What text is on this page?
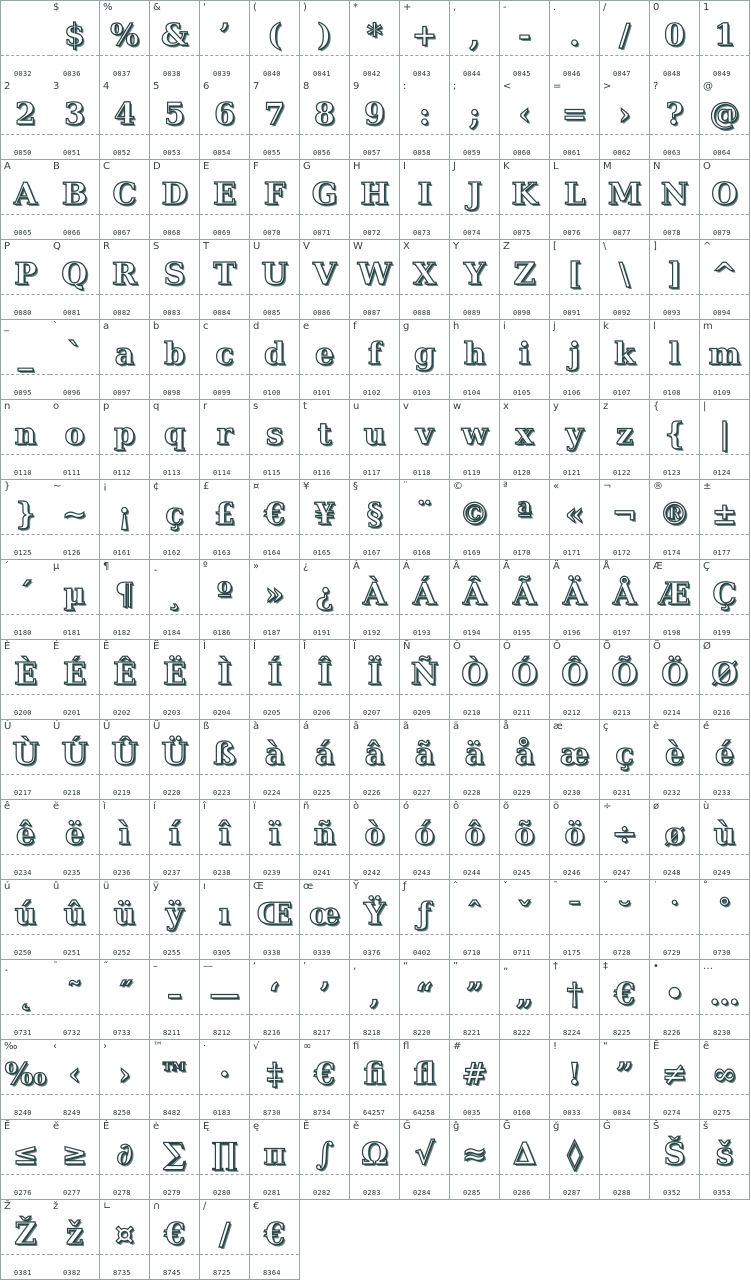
0032
$
$
0036
%
%
0037
&
&
0038
'
’
0039
(
(
0040
)
)
0041
*
*
0042
+
+
0043
,
,
0044
-
-
0045
.
.
0046
/
/
0047
0
0
0048
1
1
0049
2
2
0050
3
3
0051
4
4
0052
5
5
0053
6
6
0054
7
7
0055
8
8
0056
9
9
0057
:
:
0058
;
;
0059
<
‹
0060
=
=
0061
>
›
0062
?
?
0063
@
@
0064
A
A
0065
B
B
0066
C
C
0067
D
D
0068
E
E
0069
F
F
0070
G
G
0071
H
H
0072
I
I
0073
J
J
0074
K
K
0075
L
L
0076
M
M
0077
N
N
0078
O
O
0079
P
P
0080
Q
Q
0081
R
R
0082
S
S
0083
T
T
0084
U
U
0085
V
V
0086
W
W
0087
X
X
0088
Y
Y
0089
Z
Z
0090
[
[
0091
\
\
0092
]
]
0093
^
^
0094
_
_
0095
`
`
0096
a
a
0097
b
b
0098
c
c
0099
d
d
0100
e
e
0101
f
f
0102
g
g
0103
h
h
0104
i
i
0105
j
j
0106
k
k
0107
l
l
0108
m
m
0109
n
n
0110
o
o
0111
p
p
0112
q
q
0113
r
r
0114
s
s
0115
t
t
0116
u
u
0117
v
v
0118
w
w
0119
x
x
0120
y
y
0121
z
z
0122
{
{
0123
|
|
0124
}
}
0125
~
~
0126
¡
¡
0161
¢
ç
0162
£
£
0163
¤
€
0164
¥
¥
0165
§
§
0167
¨
¨
0168
©
©
0169
ª
ª
0170
«
«
0171
¬
¬
0172
®
®
0174
±
±
0177
´
´
0180
µ
µ
0181
¶
¶
0182
¸
¸
0184
º
º
0186
»
»
0187
¿
¿
0191
À
À
0192
Á
Á
0193
Â
Â
0194
Ã
Ã
0195
Ä
Ä
0196
Å
Å
0197
Æ
Æ
0198
Ç
Ç
0199
È
È
0200
É
É
0201
Ê
Ê
0202
Ë
Ë
0203
Ì
Ì
0204
Í
Í
0205
Î
Î
0206
Ï
Ï
0207
Ñ
Ñ
0209
Ò
Ò
0210
Ó
Ó
0211
Ô
Ô
0212
Õ
Õ
0213
Ö
Ö
0214
Ø
Ø
0216
Ù
Ù
0217
Ú
Ú
0218
Û
Û
0219
Ü
Ü
0220
ß
ß
0223
à
à
0224
á
á
0225
â
â
0226
ã
ã
0227
ä
ä
0228
å
å
0229
æ
æ
0230
ç
ç
0231
è
è
0232
é
é
0233
ê
ê
0234
ë
ë
0235
ì
ì
0236
í
í
0237
î
î
0238
ï
ï
0239
ñ
ñ
0241
ò
ò
0242
ó
ó
0243
ô
ô
0244
õ
õ
0245
ö
ö
0246
÷
÷
0247
ø
ø
0248
ù
ù
0249
ú
ú
0250
û
û
0251
ü
ü
0252
ÿ
ÿ
0255
ı
ı
0305
Œ
Œ
0338
œ
œ
0339
Ÿ
Ÿ
0376
ƒ
ƒ
0402
ˆ
ˆ
0710
ˇ
ˇ
0711
¯
¯
0175
˘
˘
0728
˙
˙
0729
˚
˚
0730
˛
˛
0731
˜
˜
0732
˝
˝
0733
–
–
8211
—
—
8212
‘
‘
8216
’
’
8217
‚
‚
8218
“
“
8220
”
”
8221
„
„
8222
†
†
8224
‡
€
8225
•
•
8226
…
…
8230
‰
‰
8240
‹
‹
8249
›
›
8250
™
™
8482
·
·
0183
√
‡
8730
∞
€
8734
ﬁ
ﬁ
64257
ﬂ
ﬂ
64258
#
#
0035	0160
!
!
0033
"
”
0034
Ē
≠
0274
ē
∞
0275
Ĕ
≤
0276
ĕ
≥
0277
Ė
∂
0278
ė
∑
0279
Ę
∏
0280
ę
π
0281
Ě
∫
0282
ě
Ω
0283
Ĝ
√
0284
ĝ
≈
0285
Ğ
∆
0286
ğ
◊
0287
Ġ
0288
Š
Š
0352
š
š
0353
Ž
Ž
0381
ž
ž
0382
∟
¤
8735
∩
€
8745
∕
/
8725
€
€
8364
